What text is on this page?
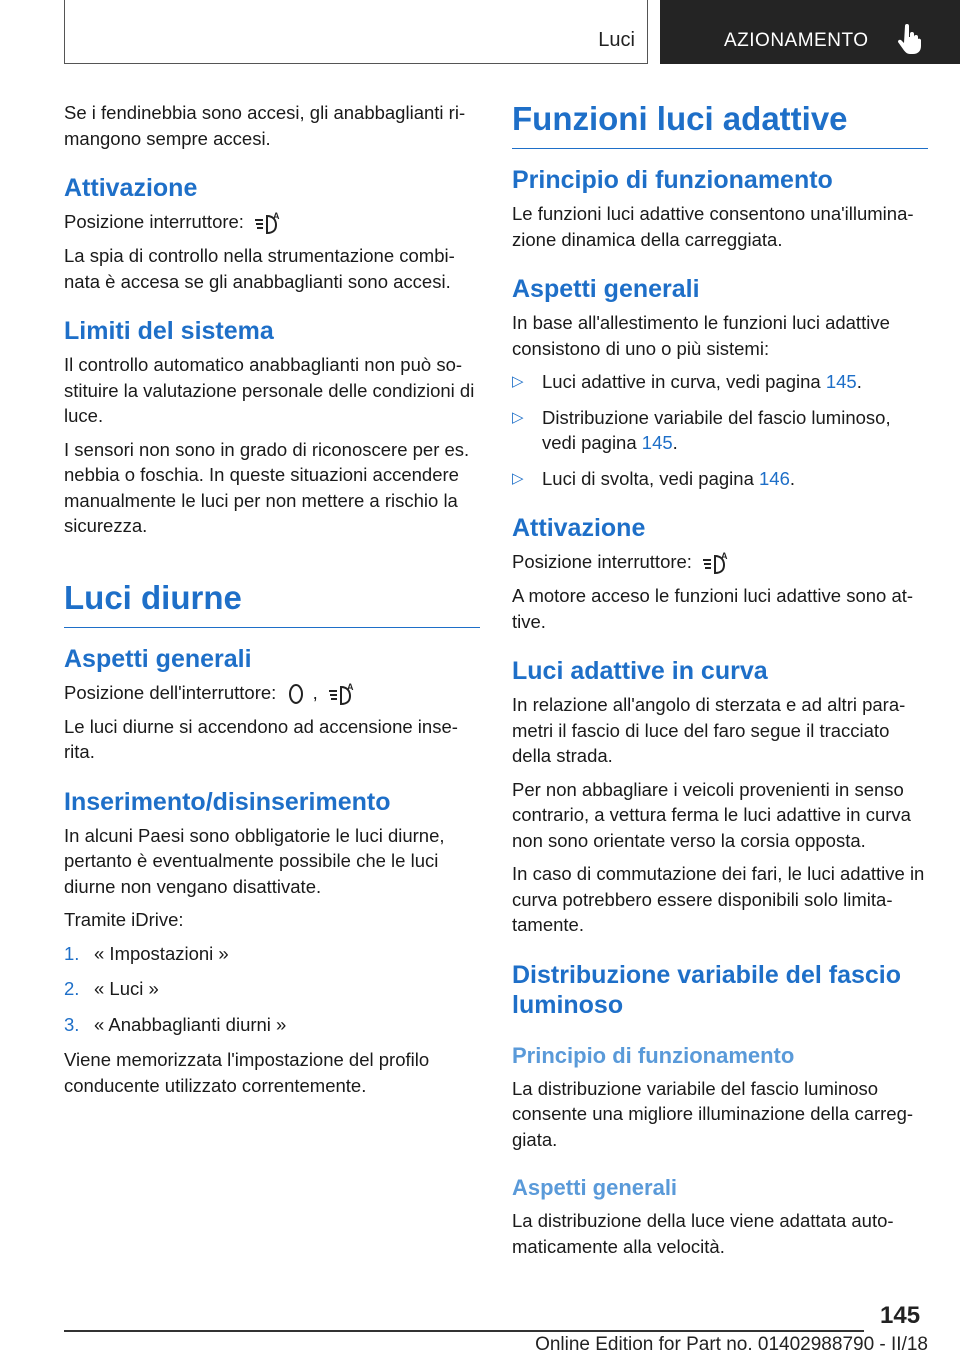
Luci	AZIONAMENTO

Se i fendinebbia sono accesi, gli anabbaglianti rimangono sempre accesi.

Attivazione

Posizione interruttore:	A

La spia di controllo nella strumentazione combinata è accesa se gli anabbaglianti sono accesi.

Limiti del sistema

Il controllo automatico anabbaglianti non può sostituire la valutazione personale delle condizioni di luce.

I sensori non sono in grado di riconoscere per es. nebbia o foschia. In queste situazioni accendere manualmente le luci per non mettere a rischio la sicurezza.

Luci diurne
Aspetti generali

Posizione dell'interruttore: ,	A

Le luci diurne si accendono ad accensione inserita.

Inserimento/disinserimento

In alcuni Paesi sono obbligatorie le luci diurne, pertanto è eventualmente possibile che le luci diurne non vengano disattivate.

Tramite iDrive:

1. « Impostazioni »
2. « Luci »
3. « Anabbaglianti diurni »

Viene memorizzata l'impostazione del profilo conducente utilizzato correntemente.

Funzioni luci adattive
Principio di funzionamento

Le funzioni luci adattive consentono una'illuminazione dinamica della carreggiata.

Aspetti generali

In base all'allestimento le funzioni luci adattive consistono di uno o più sistemi:

▷ Luci adattive in curva, vedi pagina 145.
▷ Distribuzione variabile del fascio luminoso, vedi pagina 145.
▷ Luci di svolta, vedi pagina 146.
Attivazione

Posizione interruttore:	A

A motore acceso le funzioni luci adattive sono attive.

Luci adattive in curva

In relazione all'angolo di sterzata e ad altri parametri il fascio di luce del faro segue il tracciato della strada.

Per non abbagliare i veicoli provenienti in senso contrario, a vettura ferma le luci adattive in curva non sono orientate verso la corsia opposta.

In caso di commutazione dei fari, le luci adattive in curva potrebbero essere disponibili solo limitatamente.

Distribuzione variabile del fascio luminoso
Principio di funzionamento

La distribuzione variabile del fascio luminoso consente una migliore illuminazione della carreggiata.

Aspetti generali

La distribuzione della luce viene adattata automaticamente alla velocità.

145
Online Edition for Part no. 01402988790 - II/18
